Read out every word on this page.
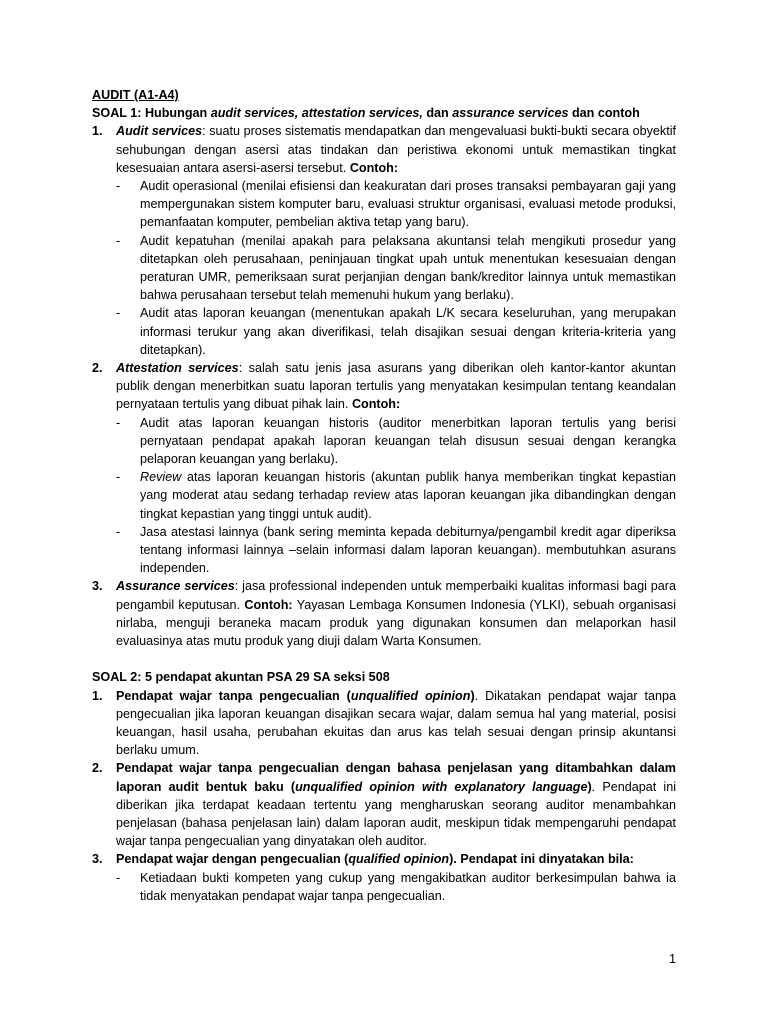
AUDIT (A1-A4)
SOAL 1: Hubungan audit services, attestation services, dan assurance services dan contoh
1.	Audit services: suatu proses sistematis mendapatkan dan mengevaluasi bukti-bukti secara obyektif sehubungan dengan asersi atas tindakan dan peristiwa ekonomi untuk memastikan tingkat kesesuaian antara asersi-asersi tersebut. Contoh:
-	Audit operasional (menilai efisiensi dan keakuratan dari proses transaksi pembayaran gaji yang mempergunakan sistem komputer baru, evaluasi struktur organisasi, evaluasi metode produksi, pemanfaatan komputer, pembelian aktiva tetap yang baru).
-	Audit kepatuhan (menilai apakah para pelaksana akuntansi telah mengikuti prosedur yang ditetapkan oleh perusahaan, peninjauan tingkat upah untuk menentukan kesesuaian dengan peraturan UMR, pemeriksaan surat perjanjian dengan bank/kreditor lainnya untuk memastikan bahwa perusahaan tersebut telah memenuhi hukum yang berlaku).
-	Audit atas laporan keuangan (menentukan apakah L/K secara keseluruhan, yang merupakan informasi terukur yang akan diverifikasi, telah disajikan sesuai dengan kriteria-kriteria yang ditetapkan).
2.	Attestation services: salah satu jenis jasa asurans yang diberikan oleh kantor-kantor akuntan publik dengan menerbitkan suatu laporan tertulis yang menyatakan kesimpulan tentang keandalan pernyataan tertulis yang dibuat pihak lain. Contoh:
-	Audit atas laporan keuangan historis (auditor menerbitkan laporan tertulis yang berisi pernyataan pendapat apakah laporan keuangan telah disusun sesuai dengan kerangka pelaporan keuangan yang berlaku).
-	Review atas laporan keuangan historis (akuntan publik hanya memberikan tingkat kepastian yang moderat atau sedang terhadap review atas laporan keuangan jika dibandingkan dengan tingkat kepastian yang tinggi untuk audit).
-	Jasa atestasi lainnya (bank sering meminta kepada debiturnya/pengambil kredit agar diperiksa tentang informasi lainnya –selain informasi dalam laporan keuangan). membutuhkan asurans independen.
3.	Assurance services: jasa professional independen untuk memperbaiki kualitas informasi bagi para pengambil keputusan. Contoh: Yayasan Lembaga Konsumen Indonesia (YLKI), sebuah organisasi nirlaba, menguji beraneka macam produk yang digunakan konsumen dan melaporkan hasil evaluasinya atas mutu produk yang diuji dalam Warta Konsumen.
SOAL 2: 5 pendapat akuntan PSA 29 SA seksi 508
1.	Pendapat wajar tanpa pengecualian (unqualified opinion). Dikatakan pendapat wajar tanpa pengecualian jika laporan keuangan disajikan secara wajar, dalam semua hal yang material, posisi keuangan, hasil usaha, perubahan ekuitas dan arus kas telah sesuai dengan prinsip akuntansi berlaku umum.
2.	Pendapat wajar tanpa pengecualian dengan bahasa penjelasan yang ditambahkan dalam laporan audit bentuk baku (unqualified opinion with explanatory language). Pendapat ini diberikan jika terdapat keadaan tertentu yang mengharuskan seorang auditor menambahkan penjelasan (bahasa penjelasan lain) dalam laporan audit, meskipun tidak mempengaruhi pendapat wajar tanpa pengecualian yang dinyatakan oleh auditor.
3.	Pendapat wajar dengan pengecualian (qualified opinion). Pendapat ini dinyatakan bila:
-	Ketiadaan bukti kompeten yang cukup yang mengakibatkan auditor berkesimpulan bahwa ia tidak menyatakan pendapat wajar tanpa pengecualian.
1
